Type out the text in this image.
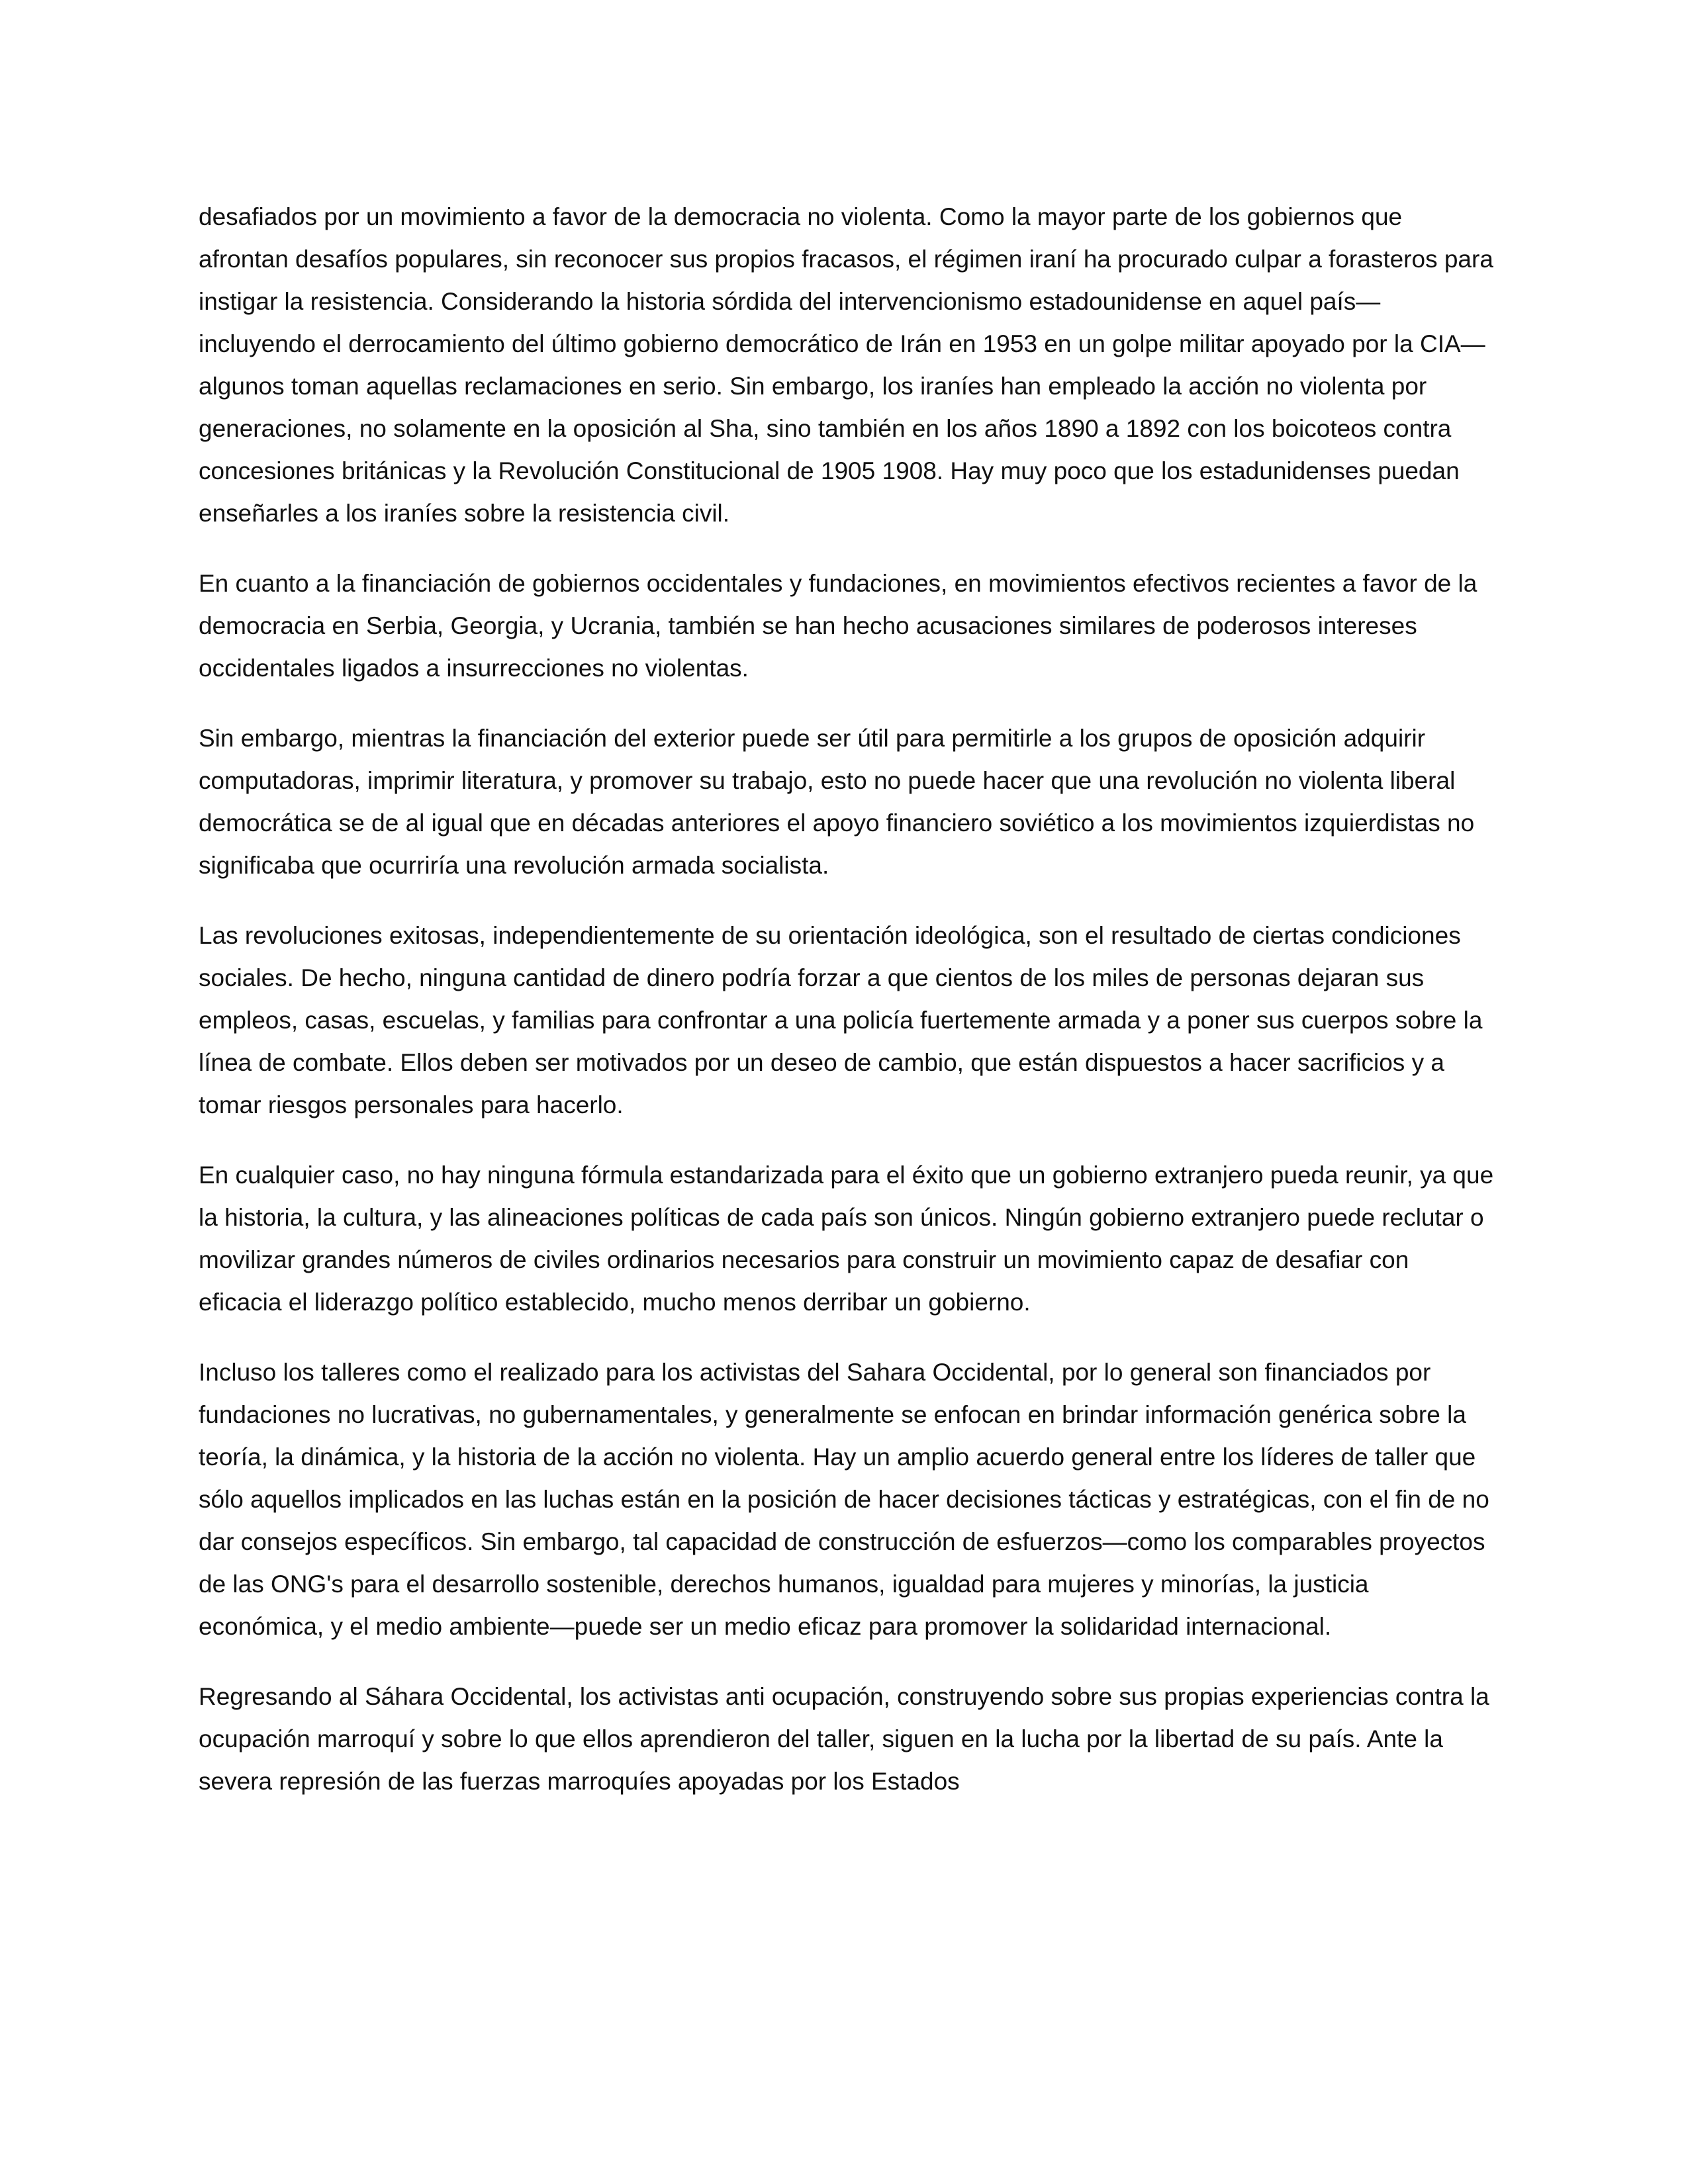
desafiados por un movimiento a favor de la democracia no violenta. Como la mayor parte de los gobiernos que afrontan desafíos populares, sin reconocer sus propios fracasos, el régimen iraní ha procurado culpar a forasteros para instigar la resistencia. Considerando la historia sórdida del intervencionismo estadounidense en aquel país—incluyendo el derrocamiento del último gobierno democrático de Irán en 1953 en un golpe militar apoyado por la CIA—algunos toman aquellas reclamaciones en serio. Sin embargo, los iraníes han empleado la acción no violenta por generaciones, no solamente en la oposición al Sha, sino también en los años 1890 a 1892 con los boicoteos contra concesiones británicas y la Revolución Constitucional de 1905 1908. Hay muy poco que los estadunidenses puedan enseñarles a los iraníes sobre la resistencia civil.

En cuanto a la financiación de gobiernos occidentales y fundaciones, en movimientos efectivos recientes a favor de la democracia en Serbia, Georgia, y Ucrania, también se han hecho acusaciones similares de poderosos intereses occidentales ligados a insurrecciones no violentas.

Sin embargo, mientras la financiación del exterior puede ser útil para permitirle a los grupos de oposición adquirir computadoras, imprimir literatura, y promover su trabajo, esto no puede hacer que una revolución no violenta liberal democrática se de al igual que en décadas anteriores el apoyo financiero soviético a los movimientos izquierdistas no significaba que ocurriría una revolución armada socialista.

Las revoluciones exitosas, independientemente de su orientación ideológica, son el resultado de ciertas condiciones sociales. De hecho, ninguna cantidad de dinero podría forzar a que cientos de los miles de personas dejaran sus empleos, casas, escuelas, y familias para confrontar a una policía fuertemente armada y a poner sus cuerpos sobre la línea de combate. Ellos deben ser motivados por un deseo de cambio, que están dispuestos a hacer sacrificios y a tomar riesgos personales para hacerlo.

En cualquier caso, no hay ninguna fórmula estandarizada para el éxito que un gobierno extranjero pueda reunir, ya que la historia, la cultura, y las alineaciones políticas de cada país son únicos. Ningún gobierno extranjero puede reclutar o movilizar grandes números de civiles ordinarios necesarios para construir un movimiento capaz de desafiar con eficacia el liderazgo político establecido, mucho menos derribar un gobierno.

Incluso los talleres como el realizado para los activistas del Sahara Occidental, por lo general son financiados por fundaciones no lucrativas, no gubernamentales, y generalmente se enfocan en brindar información genérica sobre la teoría, la dinámica, y la historia de la acción no violenta. Hay un amplio acuerdo general entre los líderes de taller que sólo aquellos implicados en las luchas están en la posición de hacer decisiones tácticas y estratégicas, con el fin de no dar consejos específicos. Sin embargo, tal capacidad de construcción de esfuerzos—como los comparables proyectos de las ONG's para el desarrollo sostenible, derechos humanos, igualdad para mujeres y minorías, la justicia económica, y el medio ambiente—puede ser un medio eficaz para promover la solidaridad internacional.

Regresando al Sáhara Occidental, los activistas anti ocupación, construyendo sobre sus propias experiencias contra la ocupación marroquí y sobre lo que ellos aprendieron del taller, siguen en la lucha por la libertad de su país. Ante la severa represión de las fuerzas marroquíes apoyadas por los Estados
